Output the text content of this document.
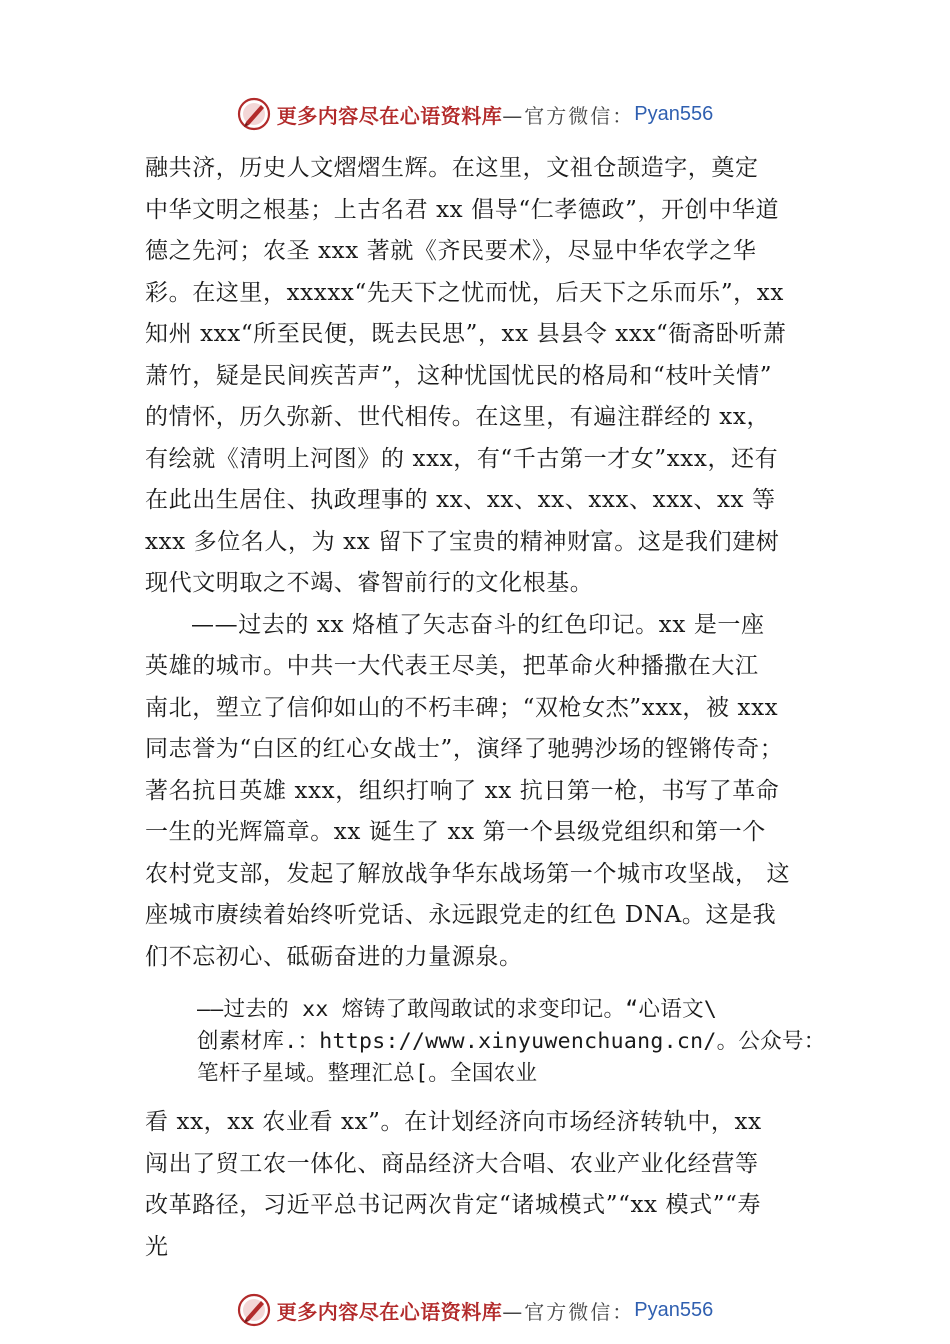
更多内容尽在心语资料库 —官方微信： Pyan556
融共济，历史人文熠熠生辉。在这里，文祖仓颉造字，奠定
中华文明之根基；上古名君 xx 倡导“仁孝德政”，开创中华道
德之先河；农圣 xxx 著就《齐民要术》，尽显中华农学之华
彩。在这里，xxxxx“先天下之忧而忧，后天下之乐而乐”，xx
知州 xxx“所至民便，既去民思”，xx 县县令 xxx“衙斋卧听萧
萧竹，疑是民间疾苦声”，这种忧国忧民的格局和“枝叶关情”
的情怀，历久弥新、世代相传。在这里，有遍注群经的 xx，
有绘就《清明上河图》的 xxx，有“千古第一才女”xxx，还有
在此出生居住、执政理事的 xx、xx、xx、xxx、xxx、xx 等
xxx 多位名人，为 xx 留下了宝贵的精神财富。这是我们建树
现代文明取之不竭、睿智前行的文化根基。
——过去的 xx 烙植了矢志奋斗的红色印记。xx 是一座
英雄的城市。中共一大代表王尽美，把革命火种播撒在大江
南北，塑立了信仰如山的不朽丰碑；“双枪女杰”xxx，被 xxx
同志誉为“白区的红心女战士”，演绎了驰骋沙场的铿锵传奇；
著名抗日英雄 xxx，组织打响了 xx 抗日第一枪，书写了革命
一生的光辉篇章。xx 诞生了 xx 第一个县级党组织和第一个
农村党支部，发起了解放战争华东战场第一个城市攻坚战， 这
座城市赓续着始终听党话、永远跟党走的红色 DNA。这是我
们不忘初心、砥砺奋进的力量源泉。
——过去的 xx 熔铸了敢闯敢试的求变印记。“心语文\
创素材库.：https://www.xinyuwenchuang.cn/。公众号：
笔杆子星域。整理汇总[。全国农业
看 xx，xx 农业看 xx”。在计划经济向市场经济转轨中，xx
闯出了贸工农一体化、商品经济大合唱、农业产业化经营等
改革路径，习近平总书记两次肯定“诸城模式”“xx 模式”“寿
光
更多内容尽在心语资料库 —官方微信： Pyan556
